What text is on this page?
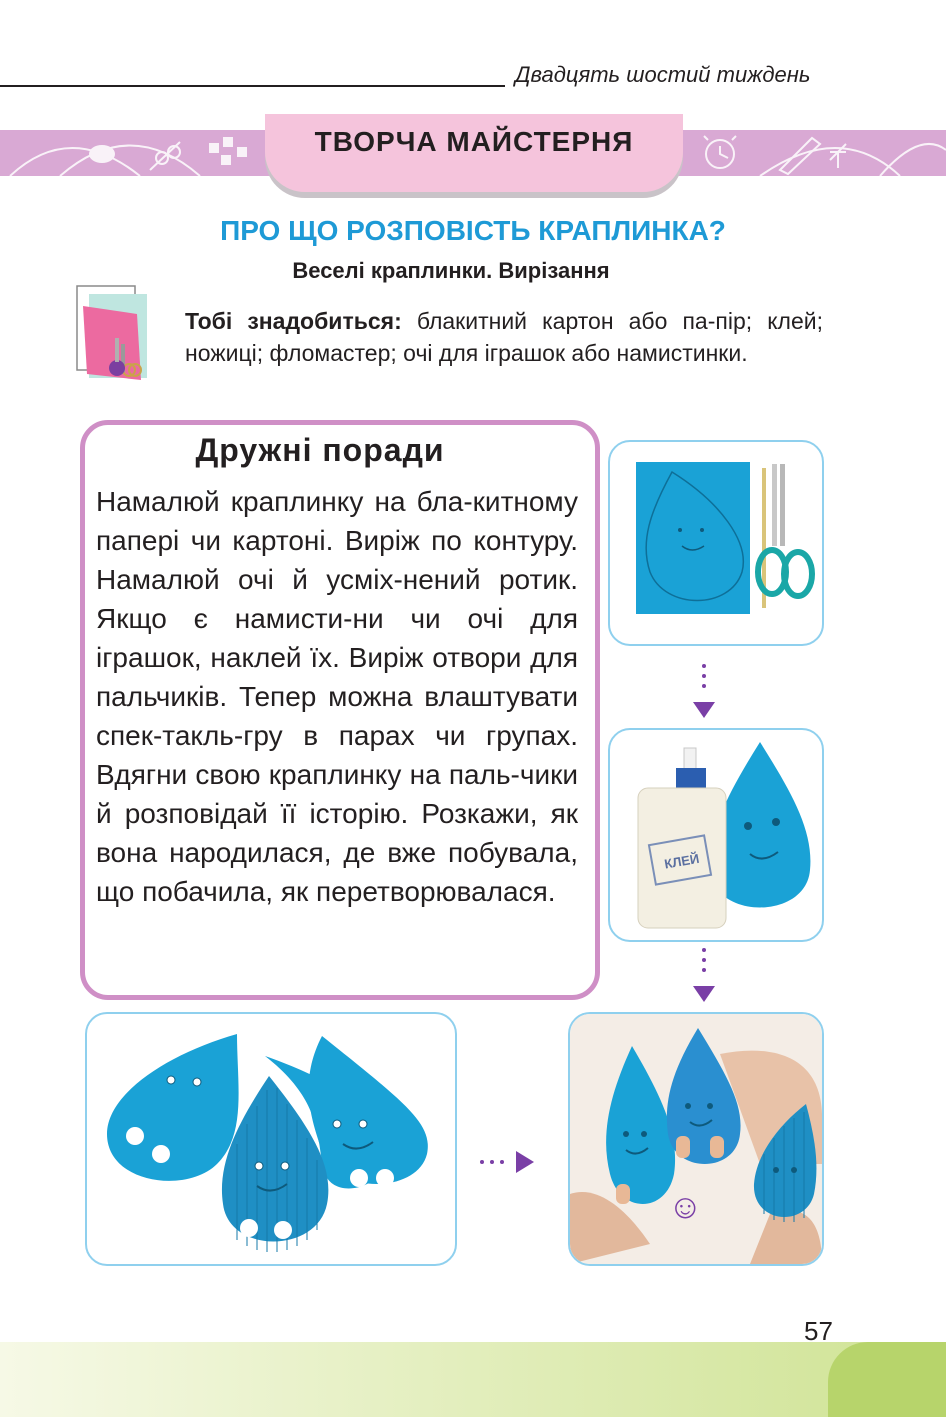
Двадцять шостий тиждень
ТВОРЧА МАЙСТЕРНЯ
ПРО ЩО РОЗПОВІСТЬ КРАПЛИНКА?
Веселі краплинки. Вирізання
Тобі знадобиться: блакитний картон або па-пір; клей; ножиці; фломастер; очі для іграшок або намистинки.
Дружні поради
Намалюй краплинку на бла-китному папері чи картоні. Виріж по контуру. Намалюй очі й усміх-нений ротик. Якщо є намисти-ни чи очі для іграшок, наклей їх. Виріж отвори для пальчиків. Тепер можна влаштувати спек-такль-гру в парах чи групах. Вдягни свою краплинку на паль-чики й розповідай її історію. Розкажи, як вона народилася, де вже побувала, що побачила, як перетворювалася.
КЛЕЙ
☺
57
